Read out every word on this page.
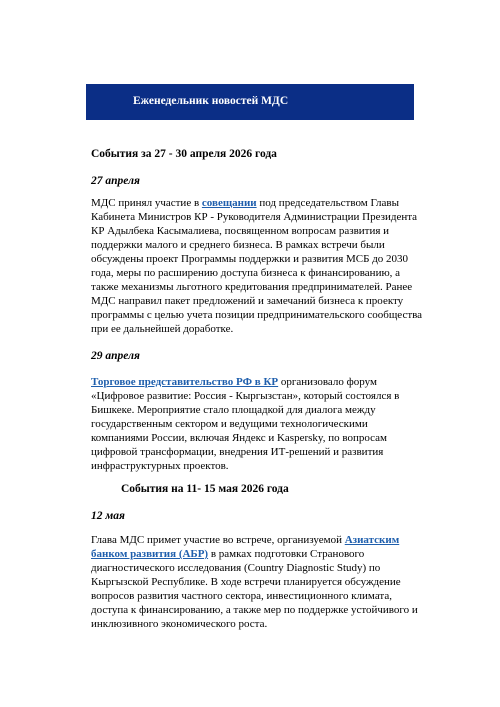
Еженедельник новостей МДС
События за 27 - 30 апреля 2026 года
27 апреля

МДС принял участие в совещании под председательством Главы Кабинета Министров КР - Руководителя Администрации Президента КР Адылбека Касымалиева, посвященном вопросам развития и поддержки малого и среднего бизнеса. В рамках встречи были обсуждены проект Программы поддержки и развития МСБ до 2030 года, меры по расширению доступа бизнеса к финансированию, а также механизмы льготного кредитования предпринимателей. Ранее МДС направил пакет предложений и замечаний бизнеса к проекту программы с целью учета позиции предпринимательского сообщества при ее дальнейшей доработке.

29 апреля

Торговое представительство РФ в КР организовало форум «Цифровое развитие: Россия - Кыргызстан», который состоялся в Бишкеке. Мероприятие стало площадкой для диалога между государственным сектором и ведущими технологическими компаниями России, включая Яндекс и Kaspersky, по вопросам цифровой трансформации, внедрения ИТ-решений и развития инфраструктурных проектов.

События на 11- 15 мая 2026 года
12 мая

Глава МДС примет участие во встрече, организуемой Азиатским банком развития (АБР) в рамках подготовки Странового диагностического исследования (Country Diagnostic Study) по Кыргызской Республике. В ходе встречи планируется обсуждение вопросов развития частного сектора, инвестиционного климата, доступа к финансированию, а также мер по поддержке устойчивого и инклюзивного экономического роста.
